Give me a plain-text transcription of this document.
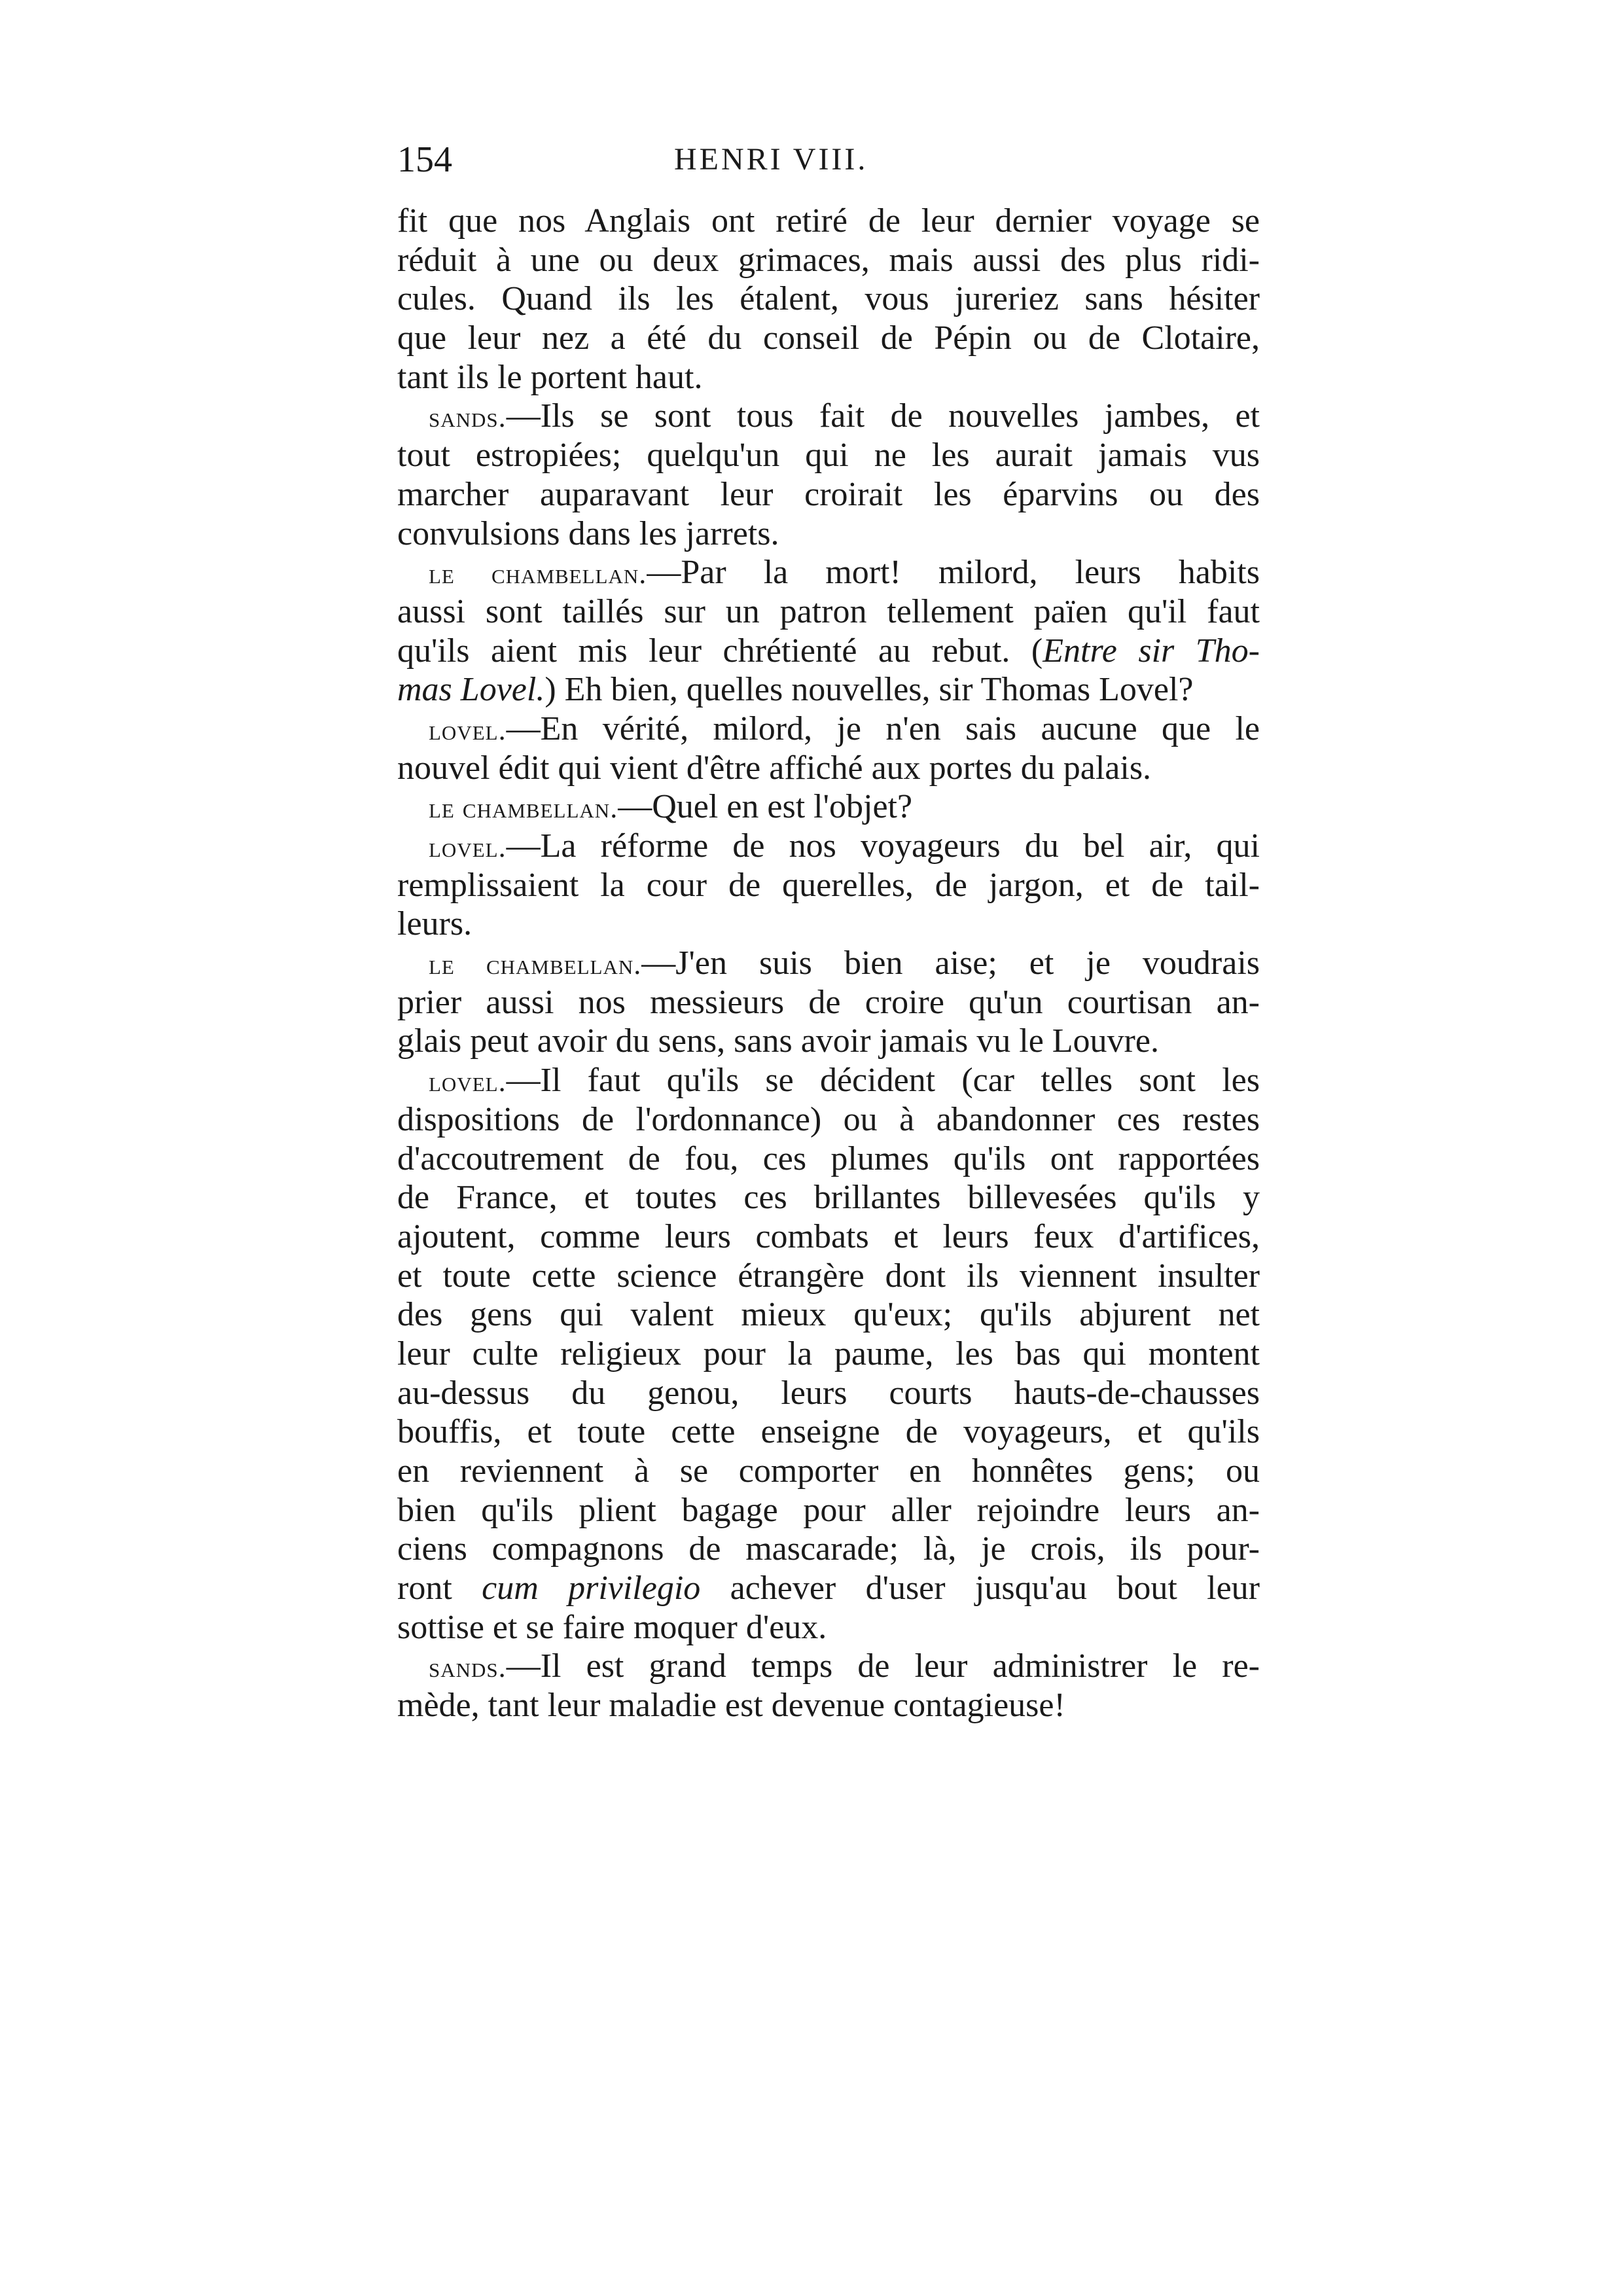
154	HENRI VIII.
fit que nos Anglais ont retiré de leur dernier voyage se
réduit à une ou deux grimaces, mais aussi des plus ridi-
cules. Quand ils les étalent, vous jureriez sans hésiter
que leur nez a été du conseil de Pépin ou de Clotaire,
tant ils le portent haut.
sands.—Ils se sont tous fait de nouvelles jambes, et
tout estropiées; quelqu'un qui ne les aurait jamais vus
marcher auparavant leur croirait les éparvins ou des
convulsions dans les jarrets.
le chambellan.—Par la mort! milord, leurs habits
aussi sont taillés sur un patron tellement païen qu'il faut
qu'ils aient mis leur chrétienté au rebut. (Entre sir Tho-
mas Lovel.) Eh bien, quelles nouvelles, sir Thomas Lovel?
lovel.—En vérité, milord, je n'en sais aucune que le
nouvel édit qui vient d'être affiché aux portes du palais.
le chambellan.—Quel en est l'objet?
lovel.—La réforme de nos voyageurs du bel air, qui
remplissaient la cour de querelles, de jargon, et de tail-
leurs.
le chambellan.—J'en suis bien aise; et je voudrais
prier aussi nos messieurs de croire qu'un courtisan an-
glais peut avoir du sens, sans avoir jamais vu le Louvre.
lovel.—Il faut qu'ils se décident (car telles sont les
dispositions de l'ordonnance) ou à abandonner ces restes
d'accoutrement de fou, ces plumes qu'ils ont rapportées
de France, et toutes ces brillantes billevesées qu'ils y
ajoutent, comme leurs combats et leurs feux d'artifices,
et toute cette science étrangère dont ils viennent insulter
des gens qui valent mieux qu'eux; qu'ils abjurent net
leur culte religieux pour la paume, les bas qui montent
au-dessus du genou, leurs courts hauts-de-chausses
bouffis, et toute cette enseigne de voyageurs, et qu'ils
en reviennent à se comporter en honnêtes gens; ou
bien qu'ils plient bagage pour aller rejoindre leurs an-
ciens compagnons de mascarade; là, je crois, ils pour-
ront cum privilegio achever d'user jusqu'au bout leur
sottise et se faire moquer d'eux.
sands.—Il est grand temps de leur administrer le re-
mède, tant leur maladie est devenue contagieuse!
